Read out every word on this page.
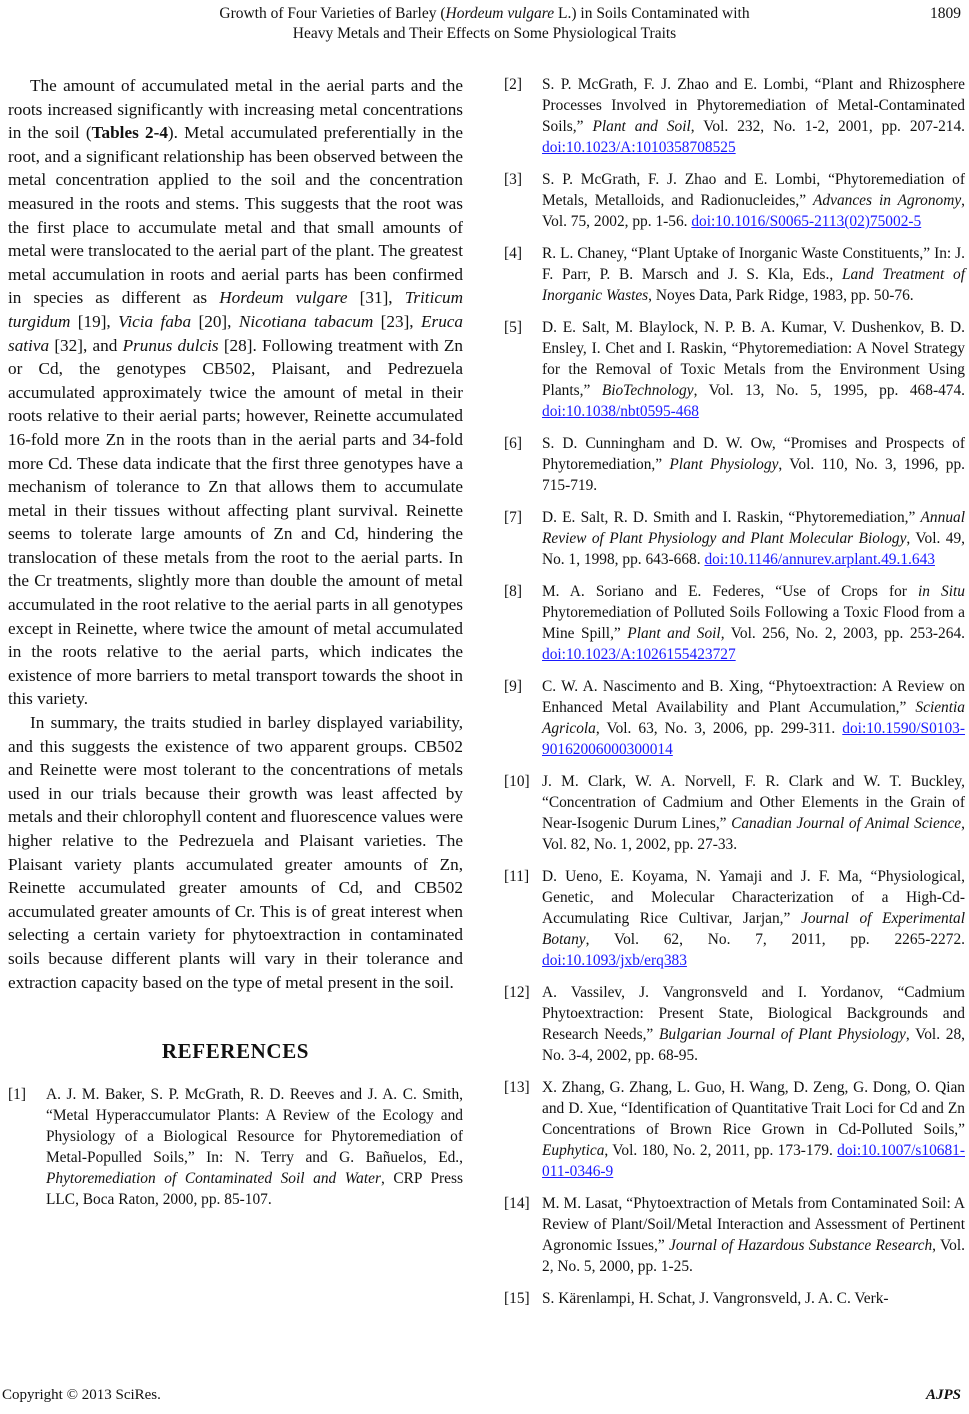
Growth of Four Varieties of Barley (Hordeum vulgare L.) in Soils Contaminated with
Heavy Metals and Their Effects on Some Physiological Traits
1809

The amount of accumulated metal in the aerial parts and the roots increased significantly with increasing metal concentrations in the soil (Tables 2-4). Metal accumulated preferentially in the root, and a significant relationship has been observed between the metal concentration applied to the soil and the concentration measured in the roots and stems. This suggests that the root was the first place to accumulate metal and that small amounts of metal were translocated to the aerial part of the plant. The greatest metal accumulation in roots and aerial parts has been confirmed in species as different as Hordeum vulgare [31], Triticum turgidum [19], Vicia faba [20], Nicotiana tabacum [23], Eruca sativa [32], and Prunus dulcis [28]. Following treatment with Zn or Cd, the genotypes CB502, Plaisant, and Pedrezuela accumulated approximately twice the amount of metal in their roots relative to their aerial parts; however, Reinette accumulated 16-fold more Zn in the roots than in the aerial parts and 34-fold more Cd. These data indicate that the first three genotypes have a mechanism of tolerance to Zn that allows them to accumulate metal in their tissues without affecting plant survival. Reinette seems to tolerate large amounts of Zn and Cd, hindering the translocation of these metals from the root to the aerial parts. In the Cr treatments, slightly more than double the amount of metal accumulated in the root relative to the aerial parts in all genotypes except in Reinette, where twice the amount of metal accumulated in the roots relative to the aerial parts, which indicates the existence of more barriers to metal transport towards the shoot in this variety.

In summary, the traits studied in barley displayed variability, and this suggests the existence of two apparent groups. CB502 and Reinette were most tolerant to the concentrations of metals used in our trials because their growth was least affected by metals and their chlorophyll content and fluorescence values were higher relative to the Pedrezuela and Plaisant varieties. The Plaisant variety plants accumulated greater amounts of Zn, Reinette accumulated greater amounts of Cd, and CB502 accumulated greater amounts of Cr. This is of great interest when selecting a certain variety for phytoextraction in contaminated soils because different plants will vary in their tolerance and extraction capacity based on the type of metal present in the soil.

REFERENCES
[1]	A. J. M. Baker, S. P. McGrath, R. D. Reeves and J. A. C. Smith, “Metal Hyperaccumulator Plants: A Review of the Ecology and Physiology of a Biological Resource for Phytoremediation of Metal-Populled Soils,” In: N. Terry and G. Bañuelos, Ed., Phytoremediation of Contaminated Soil and Water, CRP Press LLC, Boca Raton, 2000, pp. 85-107.
[2]	S. P. McGrath, F. J. Zhao and E. Lombi, “Plant and Rhizosphere Processes Involved in Phytoremediation of Metal-Contaminated Soils,” Plant and Soil, Vol. 232, No. 1-2, 2001, pp. 207-214. doi:10.1023/A:1010358708525
[3]	S. P. McGrath, F. J. Zhao and E. Lombi, “Phytoremediation of Metals, Metalloids, and Radionucleides,” Advances in Agronomy, Vol. 75, 2002, pp. 1-56. doi:10.1016/S0065-2113(02)75002-5
[4]	R. L. Chaney, “Plant Uptake of Inorganic Waste Constituents,” In: J. F. Parr, P. B. Marsch and J. S. Kla, Eds., Land Treatment of Inorganic Wastes, Noyes Data, Park Ridge, 1983, pp. 50-76.
[5]	D. E. Salt, M. Blaylock, N. P. B. A. Kumar, V. Dushenkov, B. D. Ensley, I. Chet and I. Raskin, “Phytoremediation: A Novel Strategy for the Removal of Toxic Metals from the Environment Using Plants,” BioTechnology, Vol. 13, No. 5, 1995, pp. 468-474. doi:10.1038/nbt0595-468
[6]	S. D. Cunningham and D. W. Ow, “Promises and Prospects of Phytoremediation,” Plant Physiology, Vol. 110, No. 3, 1996, pp. 715-719.
[7]	D. E. Salt, R. D. Smith and I. Raskin, “Phytoremediation,” Annual Review of Plant Physiology and Plant Molecular Biology, Vol. 49, No. 1, 1998, pp. 643-668. doi:10.1146/annurev.arplant.49.1.643
[8]	M. A. Soriano and E. Federes, “Use of Crops for in Situ Phytoremediation of Polluted Soils Following a Toxic Flood from a Mine Spill,” Plant and Soil, Vol. 256, No. 2, 2003, pp. 253-264. doi:10.1023/A:1026155423727
[9]	C. W. A. Nascimento and B. Xing, “Phytoextraction: A Review on Enhanced Metal Availability and Plant Accumulation,” Scientia Agricola, Vol. 63, No. 3, 2006, pp. 299-311. doi:10.1590/S0103-90162006000300014
[10] J. M. Clark, W. A. Norvell, F. R. Clark and W. T. Buckley, “Concentration of Cadmium and Other Elements in the Grain of Near-Isogenic Durum Lines,” Canadian Journal of Animal Science, Vol. 82, No. 1, 2002, pp. 27-33.
[11] D. Ueno, E. Koyama, N. Yamaji and J. F. Ma, “Physiological, Genetic, and Molecular Characterization of a High-Cd-Accumulating Rice Cultivar, Jarjan,” Journal of Experimental Botany, Vol. 62, No. 7, 2011, pp. 2265-2272. doi:10.1093/jxb/erq383
[12] A. Vassilev, J. Vangronsveld and I. Yordanov, “Cadmium Phytoextraction: Present State, Biological Backgrounds and Research Needs,” Bulgarian Journal of Plant Physiology, Vol. 28, No. 3-4, 2002, pp. 68-95.
[13] X. Zhang, G. Zhang, L. Guo, H. Wang, D. Zeng, G. Dong, O. Qian and D. Xue, “Identification of Quantitative Trait Loci for Cd and Zn Concentrations of Brown Rice Grown in Cd-Polluted Soils,” Euphytica, Vol. 180, No. 2, 2011, pp. 173-179. doi:10.1007/s10681-011-0346-9
[14] M. M. Lasat, “Phytoextraction of Metals from Contaminated Soil: A Review of Plant/Soil/Metal Interaction and Assessment of Pertinent Agronomic Issues,” Journal of Hazardous Substance Research, Vol. 2, No. 5, 2000, pp. 1-25.
[15] S. Kärenlampi, H. Schat, J. Vangronsveld, J. A. C. Verk-
Copyright © 2013 SciRes.	AJPS
